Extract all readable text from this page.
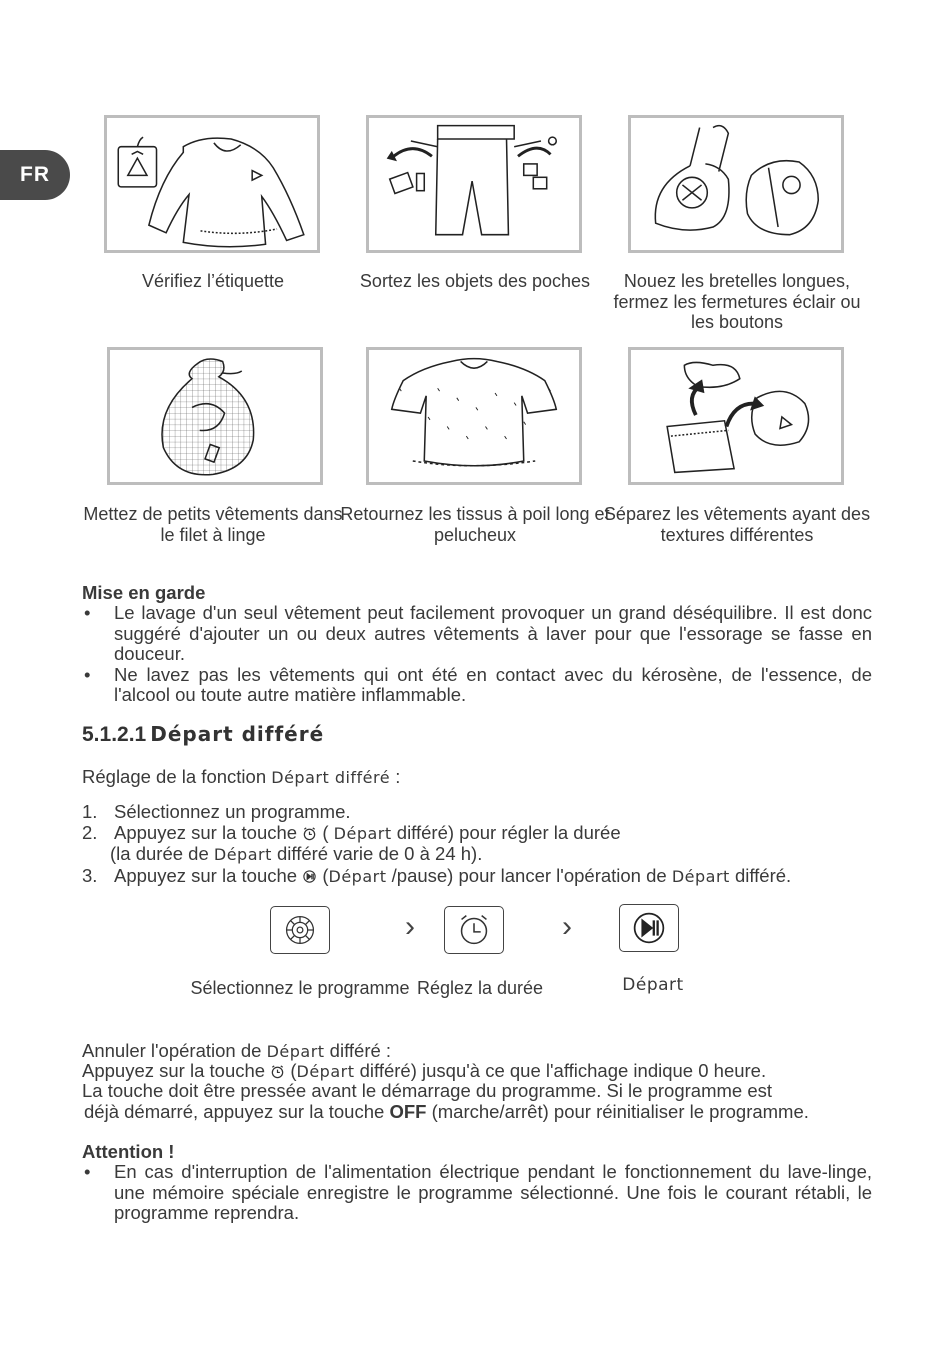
FR
Vérifiez l’étiquette	Sortez les objets des poches	Nouez les bretelles longues, fermez les fermetures éclair ou les boutons
Mettez de petits vêtements dans le filet à linge
Retournez les tissus à poil long et pelucheux
Séparez les vêtements ayant des textures différentes
Mise en garde
• Le lavage d'un seul vêtement peut facilement provoquer un grand déséquilibre. Il est donc suggéré d'ajouter un ou deux autres vêtements à laver pour que l'essorage se fasse en douceur.
• Ne lavez pas les vêtements qui ont été en contact avec du kérosène, de l'essence, de l'alcool ou toute autre matière inflammable.
5.1.2.1 Départ différé
Réglage de la fonction Départ différé :
1. Sélectionnez un programme.
2. Appuyez sur la touche  ( Départ différé) pour régler la durée
(la durée de Départ différé varie de 0 à 24 h).
3. Appuyez sur la touche  (Départ /pause) pour lancer l'opération de Départ différé.
›	›
Sélectionnez le programme Réglez la durée	Départ
Annuler l'opération de Départ différé :
Appuyez sur la touche  (Départ différé) jusqu'à ce que l'affichage indique 0 heure.
La touche doit être pressée avant le démarrage du programme. Si le programme est
déjà démarré, appuyez sur la touche OFF (marche/arrêt) pour réinitialiser le programme.
Attention !
• En cas d'interruption de l'alimentation électrique pendant le fonctionnement du lave-linge, une mémoire spéciale enregistre le programme sélectionné. Une fois le courant rétabli, le programme reprendra.
